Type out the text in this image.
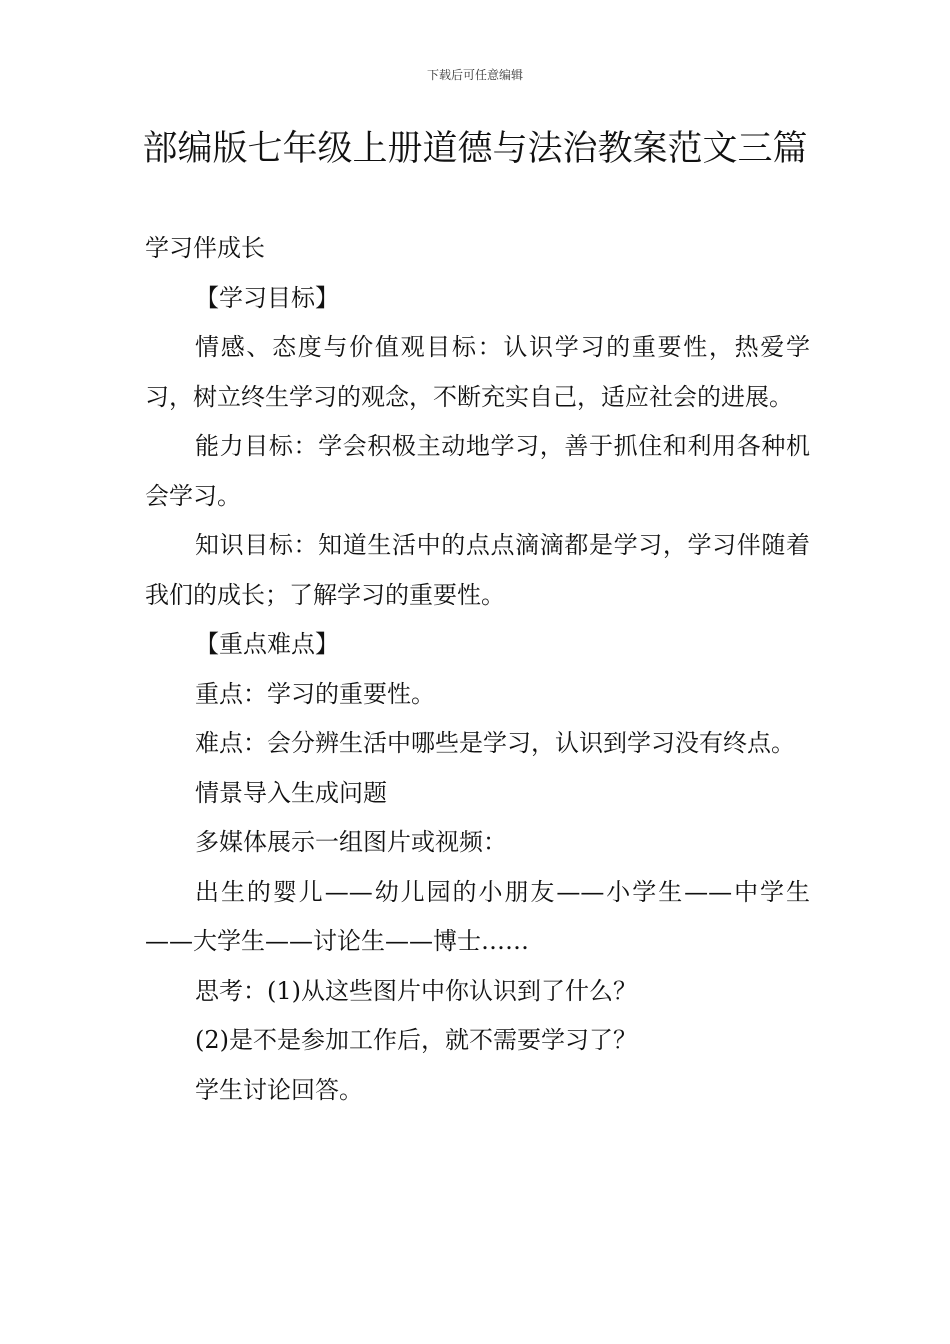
下载后可任意编辑
部编版七年级上册道德与法治教案范文三篇

学习伴成长

【学习目标】

情感、态度与价值观目标：认识学习的重要性，热爱学习，树立终生学习的观念，不断充实自己，适应社会的进展。

能力目标：学会积极主动地学习，善于抓住和利用各种机会学习。

知识目标：知道生活中的点点滴滴都是学习，学习伴随着我们的成长；了解学习的重要性。

【重点难点】

重点：学习的重要性。

难点：会分辨生活中哪些是学习，认识到学习没有终点。

情景导入生成问题

多媒体展示一组图片或视频：

出生的婴儿——幼儿园的小朋友——小学生——中学生——大学生——讨论生——博士……

思考：(1)从这些图片中你认识到了什么？

(2)是不是参加工作后，就不需要学习了？

学生讨论回答。
